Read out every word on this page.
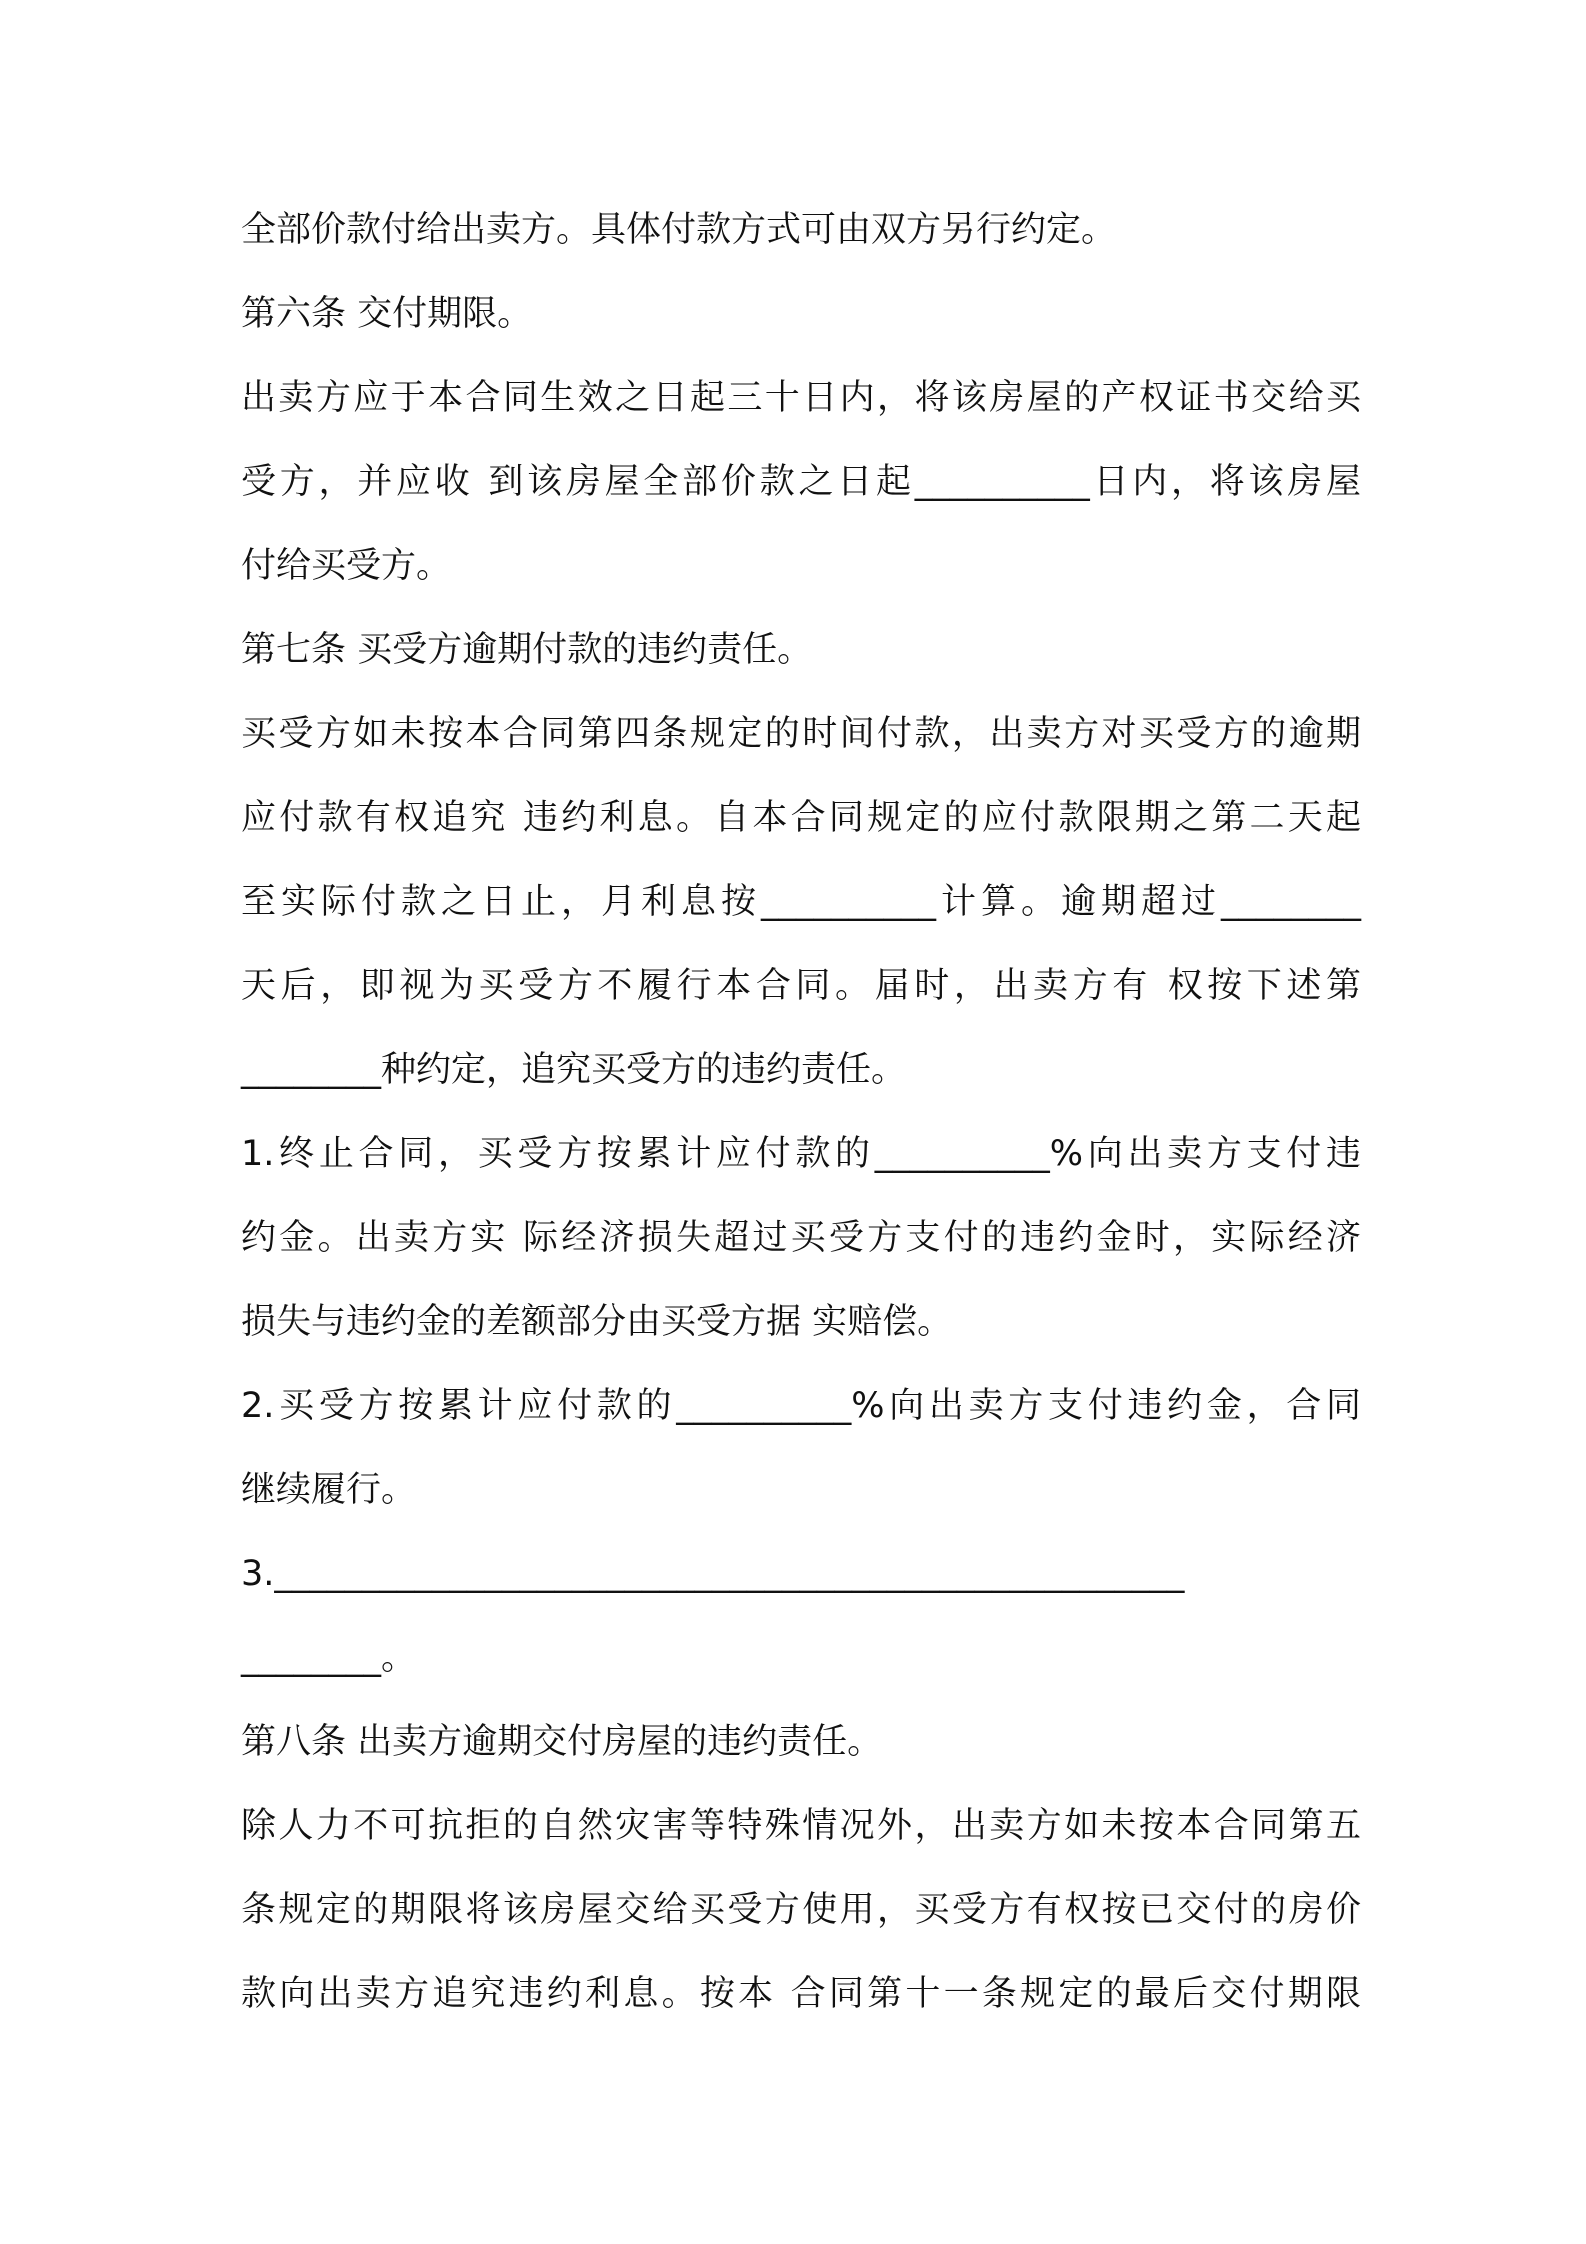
全部价款付给出卖方。具体付款方式可由双方另行约定。
第六条 交付期限。
出卖方应于本合同生效之日起三十日内，将该房屋的产权证书交给买
受方，并应收 到该房屋全部价款之日起__________日内，将该房屋
付给买受方。
第七条 买受方逾期付款的违约责任。
买受方如未按本合同第四条规定的时间付款，出卖方对买受方的逾期
应付款有权追究 违约利息。自本合同规定的应付款限期之第二天起
至实际付款之日止，月利息按__________计算。逾期超过________
天后，即视为买受方不履行本合同。届时，出卖方有 权按下述第
________种约定，追究买受方的违约责任。
1.终止合同，买受方按累计应付款的__________%向出卖方支付违
约金。出卖方实 际经济损失超过买受方支付的违约金时，实际经济
损失与违约金的差额部分由买受方据 实赔偿。
2.买受方按累计应付款的__________%向出卖方支付违约金，合同
继续履行。
3.____________________________________________________
________。
第八条 出卖方逾期交付房屋的违约责任。
除人力不可抗拒的自然灾害等特殊情况外，出卖方如未按本合同第五
条规定的期限将该房屋交给买受方使用，买受方有权按已交付的房价
款向出卖方追究违约利息。按本 合同第十一条规定的最后交付期限
